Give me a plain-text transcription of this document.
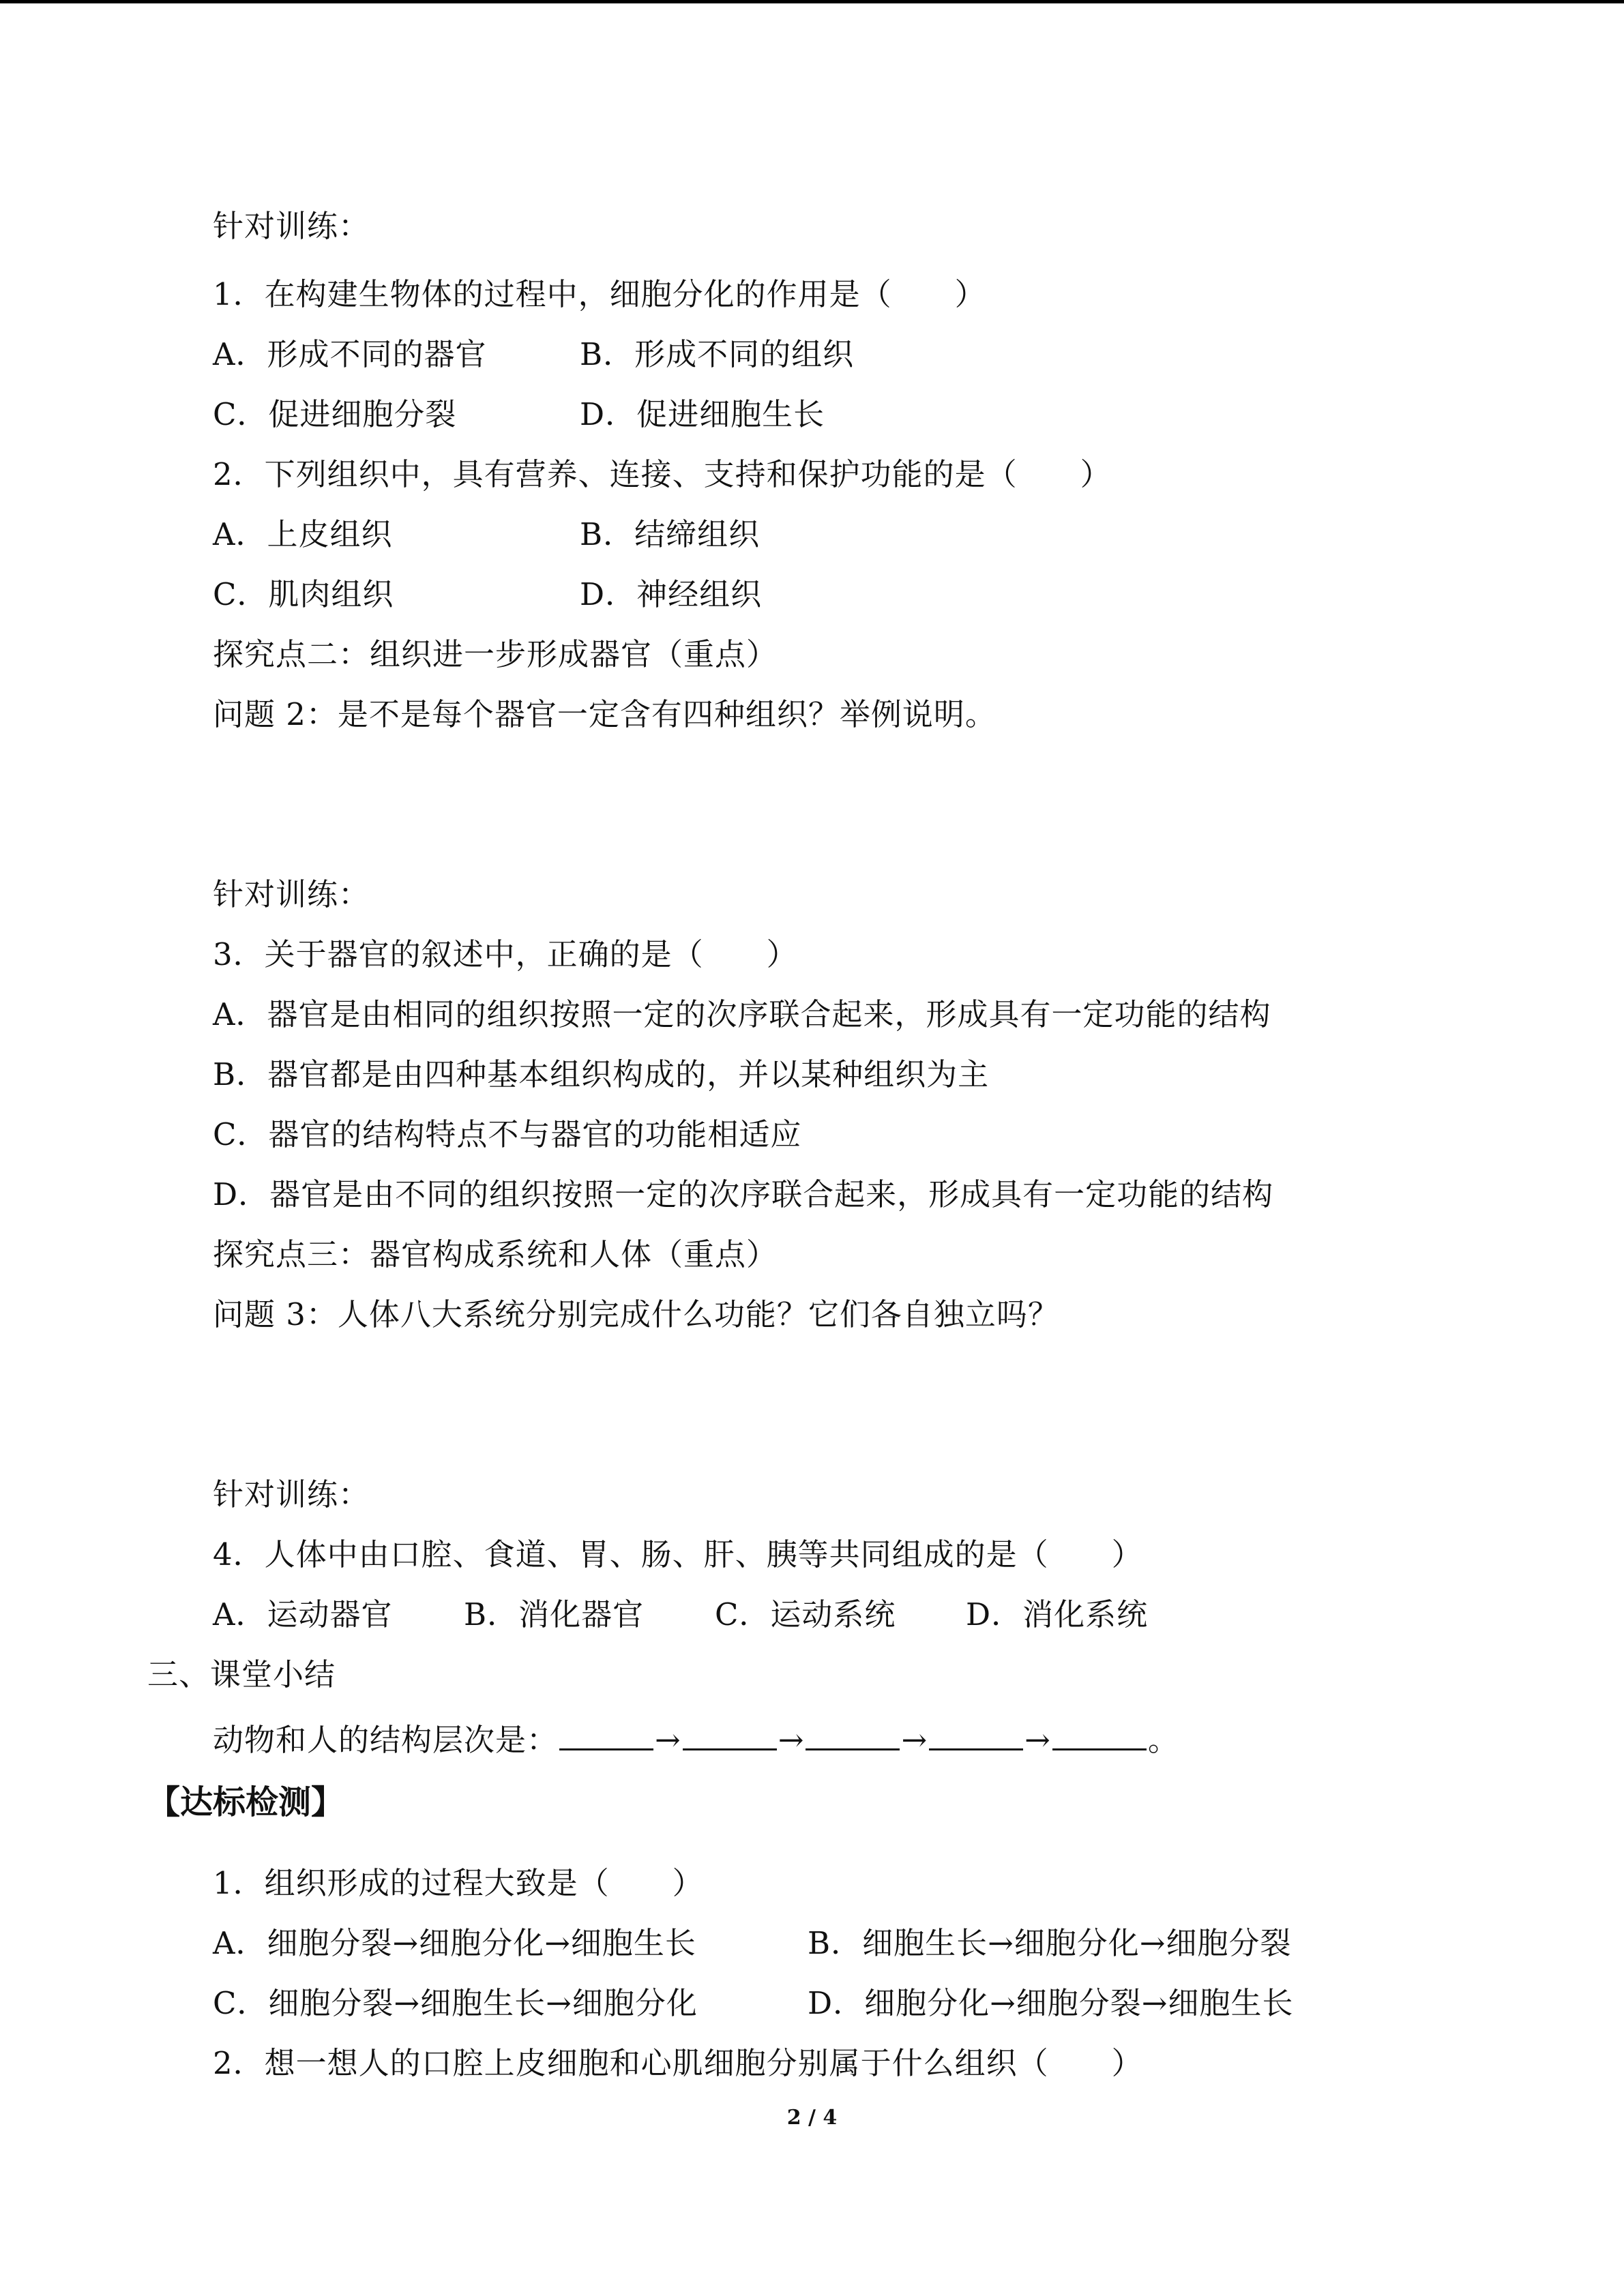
针对训练：
1．在构建生物体的过程中，细胞分化的作用是（　　）
A．形成不同的器官	B．形成不同的组织
C．促进细胞分裂	D．促进细胞生长
2．下列组织中，具有营养、连接、支持和保护功能的是（　　）
A．上皮组织	B．结缔组织
C．肌肉组织	D．神经组织
探究点二：组织进一步形成器官（重点）
问题 2：是不是每个器官一定含有四种组织？举例说明。
针对训练：
3．关于器官的叙述中，正确的是（　　）
A．器官是由相同的组织按照一定的次序联合起来，形成具有一定功能的结构
B．器官都是由四种基本组织构成的，并以某种组织为主
C．器官的结构特点不与器官的功能相适应
D．器官是由不同的组织按照一定的次序联合起来，形成具有一定功能的结构
探究点三：器官构成系统和人体（重点）
问题 3：人体八大系统分别完成什么功能？它们各自独立吗？
针对训练：
4．人体中由口腔、食道、胃、肠、肝、胰等共同组成的是（　　）
A．运动器官 B．消化器官 C．运动系统 D．消化系统
三、课堂小结
动物和人的结构层次是：	→	→	→	→	。
【达标检测】
1．组织形成的过程大致是（　　）
A．细胞分裂→细胞分化→细胞生长	B．细胞生长→细胞分化→细胞分裂
C．细胞分裂→细胞生长→细胞分化	D．细胞分化→细胞分裂→细胞生长
2．想一想人的口腔上皮细胞和心肌细胞分别属于什么组织（　　）
2 / 4
